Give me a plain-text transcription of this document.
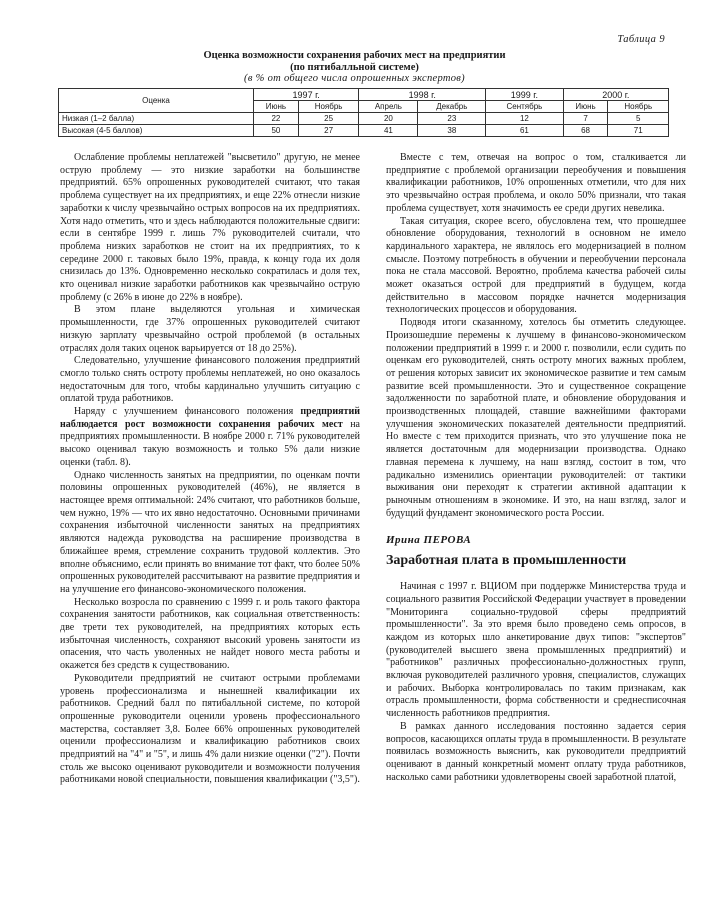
Таблица 9
Оценка возможности сохранения рабочих мест на предприятии
(по пятибалльной системе)
(в % от общего числа опрошенных экспертов)
Оценка	1997 г.		1998 г.		1999 г.	2000 г.	
	Июнь	Ноябрь	Апрель	Декабрь	Сентябрь	Июнь	Ноябрь
Низкая (1–2 балла)	22	25	20	23	12	7	5
Высокая (4-5 баллов)	50	27	41	38	61	68	71

Ослабление проблемы неплатежей "высветило" другую, не менее острую проблему — это низкие заработки на большинстве предприятий. 65% опрошенных руководителей считают, что такая проблема существует на их предприятиях, и еще 22% отнесли низкие заработки к числу чрезвычайно острых вопросов на их предприятиях. Хотя надо отметить, что и здесь наблюдаются положительные сдвиги: если в сентябре 1999 г. лишь 7% руководителей считали, что проблема низких заработков не стоит на их предприятиях, то к середине 2000 г. таковых было 19%, правда, к концу года их доля снизилась до 13%. Одновременно несколько сократилась и доля тех, кто оценивал низкие заработки работников как чрезвычайно острую проблему (с 26% в июне до 22% в ноябре).

В этом плане выделяются угольная и химическая промышленности, где 37% опрошенных руководителей считают низкую зарплату чрезвычайно острой проблемой (в остальных отраслях доля таких оценок варьируется от 18 до 25%).

Следовательно, улучшение финансового положения предприятий смогло только снять остроту проблемы неплатежей, но оно оказалось недостаточным для того, чтобы кардинально улучшить ситуацию с оплатой труда работников.

Наряду с улучшением финансового положения предприятий наблюдается рост возможности сохранения рабочих мест на предприятиях промышленности. В ноябре 2000 г. 71% руководителей высоко оценивал такую возможность и только 5% дали низкие оценки (табл. 8).

Однако численность занятых на предприятии, по оценкам почти половины опрошенных руководителей (46%), не является в настоящее время оптимальной: 24% считают, что работников больше, чем нужно, 19% — что их явно недостаточно. Основными причинами сохранения избыточной численности занятых на предприятиях являются надежда руководства на расширение производства в ближайшее время, стремление сохранить трудовой коллектив. Это вполне объяснимо, если принять во внимание тот факт, что более 50% опрошенных руководителей рассчитывают на развитие предприятия и на улучшение его финансово-экономического положения.

Несколько возросла по сравнению с 1999 г. и роль такого фактора сохранения занятости работников, как социальная ответственность: две трети тех руководителей, на предприятиях которых есть избыточная численность, сохраняют высокий уровень занятости из опасения, что часть уволенных не найдет нового места работы и окажется без средств к существованию.

Руководители предприятий не считают острыми проблемами уровень профессионализма и нынешней квалификации их работников. Средний балл по пятибалльной системе, по которой опрошенные руководители оценили уровень профессионального мастерства, составляет 3,8. Более 66% опрошенных руководителей оценили профессионализм и квалификацию работников своих предприятий на "4" и "5", и лишь 4% дали низкие оценки ("2"). Почти столь же высоко оценивают руководители и возможности получения работниками новой специальности, повышения квалификации ("3,5").

Вместе с тем, отвечая на вопрос о том, сталкивается ли предприятие с проблемой организации переобучения и повышения квалификации работников, 10% опрошенных отметили, что для них это чрезвычайно острая проблема, и около 50% признали, что такая проблема существует, хотя значимость ее среди других невелика.

Такая ситуация, скорее всего, обусловлена тем, что прошедшее обновление оборудования, технологий в основном не имело кардинального характера, не являлось его модернизацией в полном смысле. Поэтому потребность в обучении и переобучении персонала пока не стала массовой. Вероятно, проблема качества рабочей силы может оказаться острой для предприятий в будущем, когда действительно в массовом порядке начнется модернизация технологических процессов и оборудования.

Подводя итоги сказанному, хотелось бы отметить следующее. Произошедшие перемены к лучшему в финансово-экономическом положении предприятий в 1999 г. и 2000 г. позволили, если судить по оценкам его руководителей, снять остроту многих важных проблем, от решения которых зависит их экономическое развитие и тем самым развитие всей промышленности. Это и существенное сокращение задолженности по заработной плате, и обновление оборудования и производственных площадей, ставшие важнейшими факторами улучшения экономических показателей деятельности предприятий. Но вместе с тем приходится признать, что это улучшение пока не является достаточным для модернизации производства. Однако главная перемена к лучшему, на наш взгляд, состоит в том, что радикально изменились ориентации руководителей: от тактики выживания они переходят к стратегии активной адаптации к рыночным отношениям в экономике. И это, на наш взгляд, залог и будущий фундамент экономического роста России.

Ирина ПЕРОВА
Заработная плата в промышленности

Начиная с 1997 г. ВЦИОМ при поддержке Министерства труда и социального развития Российской Федерации участвует в проведении "Мониторинга социально-трудовой сферы предприятий промышленности". За это время было проведено семь опросов, в каждом из которых шло анкетирование двух типов: "экспертов" (руководителей высшего звена промышленных предприятий) и "работников" различных профессионально-должностных групп, включая руководителей различного уровня, специалистов, служащих и рабочих. Выборка контролировалась по таким признакам, как отрасль промышленности, форма собственности и среднесписочная численность работников предприятия.

В рамках данного исследования постоянно задается серия вопросов, касающихся оплаты труда в промышленности. В результате появилась возможность выяснить, как руководители предприятий оценивают в данный конкретный момент оплату труда работников, насколько сами работники удовлетворены своей заработной платой,
